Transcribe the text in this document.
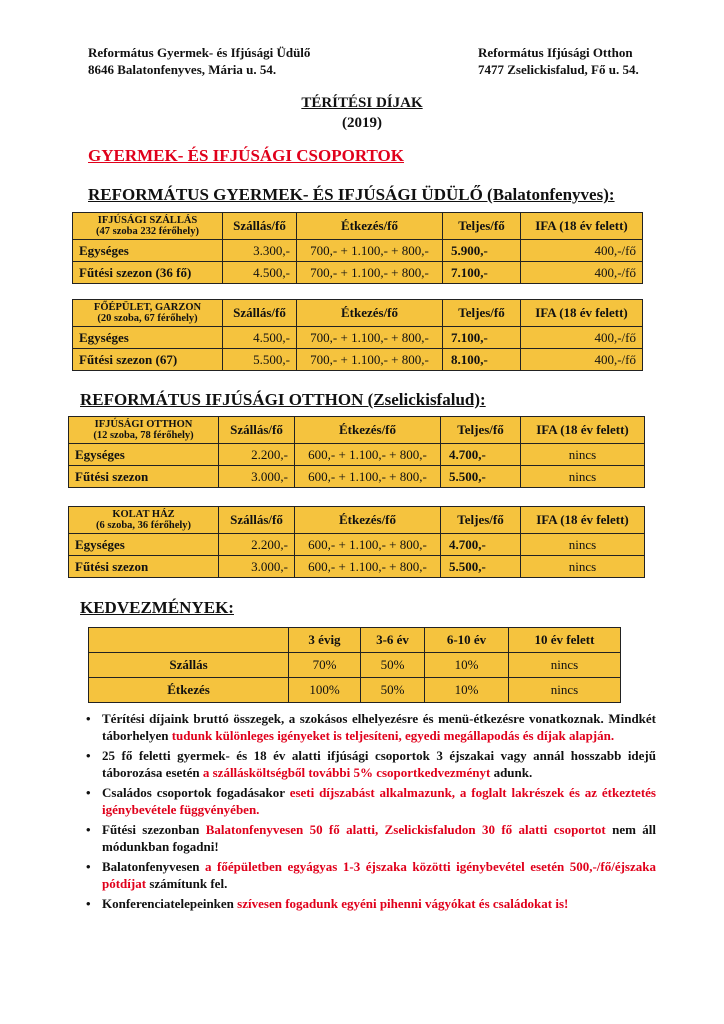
Református Gyermek- és Ifjúsági Üdülő
8646 Balatonfenyves, Mária u. 54.
Református Ifjúsági Otthon
7477 Zselickisfalud, Fő u. 54.
TÉRÍTÉSI DÍJAK
(2019)
GYERMEK- ÉS IFJÚSÁGI CSOPORTOK
REFORMÁTUS GYERMEK- ÉS IFJÚSÁGI ÜDÜLŐ (Balatonfenyves):
IFJÚSÁGI SZÁLLÁS
(47 szoba 232 férőhely)	Szállás/fő	Étkezés/fő	Teljes/fő	IFA (18 év felett)
Egységes	3.300,-	700,- + 1.100,- + 800,-	5.900,-	400,-/fő
Fűtési szezon (36 fő)	4.500,-	700,- + 1.100,- + 800,-	7.100,-	400,-/fő
FŐÉPÜLET, GARZON
(20 szoba, 67 férőhely)	Szállás/fő	Étkezés/fő	Teljes/fő	IFA (18 év felett)
Egységes	4.500,-	700,- + 1.100,- + 800,-	7.100,-	400,-/fő
Fűtési szezon (67)	5.500,-	700,- + 1.100,- + 800,-	8.100,-	400,-/fő
REFORMÁTUS IFJÚSÁGI OTTHON (Zselickisfalud):
IFJÚSÁGI OTTHON
(12 szoba, 78 férőhely)	Szállás/fő	Étkezés/fő	Teljes/fő	IFA (18 év felett)
Egységes	2.200,-	600,- + 1.100,- + 800,-	4.700,-	nincs
Fűtési szezon	3.000,-	600,- + 1.100,- + 800,-	5.500,-	nincs
KOLAT HÁZ
(6 szoba, 36 férőhely)	Szállás/fő	Étkezés/fő	Teljes/fő	IFA (18 év felett)
Egységes	2.200,-	600,- + 1.100,- + 800,-	4.700,-	nincs
Fűtési szezon	3.000,-	600,- + 1.100,- + 800,-	5.500,-	nincs
KEDVEZMÉNYEK:
	3 évig	3-6 év	6-10 év	10 év felett
Szállás	70%	50%	10%	nincs
Étkezés	100%	50%	10%	nincs
• Térítési díjaink bruttó összegek, a szokásos elhelyezésre és menü-étkezésre vonatkoznak. Mindkét táborhelyen tudunk különleges igényeket is teljesíteni, egyedi megállapodás és díjak alapján.
• 25 fő feletti gyermek- és 18 év alatti ifjúsági csoportok 3 éjszakai vagy annál hosszabb idejű táborozása esetén a szállásköltségből további 5% csoportkedvezményt adunk.
• Családos csoportok fogadásakor eseti díjszabást alkalmazunk, a foglalt lakrészek és az étkeztetés igénybevétele függvényében.
• Fűtési szezonban Balatonfenyvesen 50 fő alatti, Zselickisfaludon 30 fő alatti csoportot nem áll módunkban fogadni!
• Balatonfenyvesen a főépületben egyágyas 1-3 éjszaka közötti igénybevétel esetén 500,-/fő/éjszaka pótdíjat számítunk fel.
• Konferenciatelepeinken szívesen fogadunk egyéni pihenni vágyókat és családokat is!
